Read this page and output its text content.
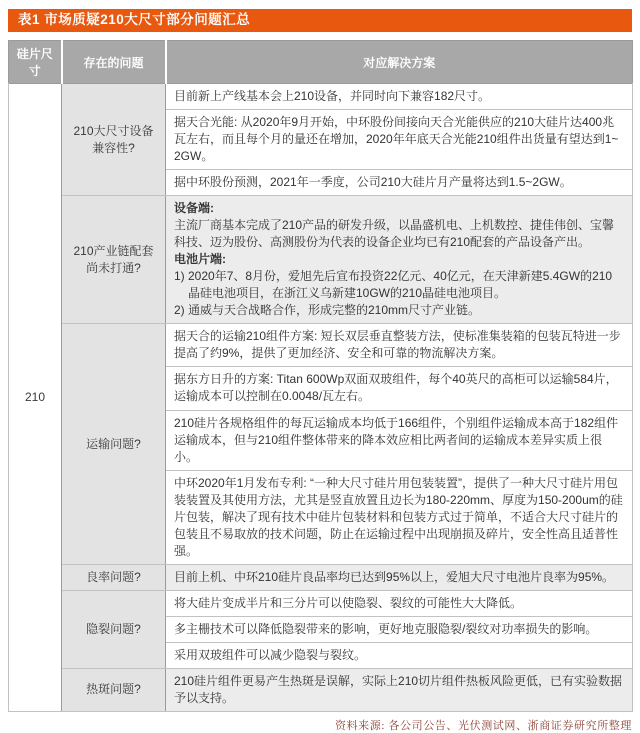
表1 市场质疑210大尺寸部分问题汇总
硅片尺寸	存在的问题	对应解决方案
210	210大尺寸设备兼容性?	目前新上产线基本会上210设备，并同时向下兼容182尺寸。
		据天合光能: 从2020年9月开始，中环股份间接向天合光能供应的210大硅片达400兆瓦左右，而且每个月的量还在增加，2020年年底天合光能210组件出货量有望达到1~2GW。
		据中环股份预测，2021年一季度，公司210大硅片月产量将达到1.5~2GW。
	210产业链配套尚未打通?	设备端:
主流厂商基本完成了210产品的研发升级，以晶盛机电、上机数控、捷佳伟创、宝馨科技、迈为股份、高测股份为代表的设备企业均已有210配套的产品设备产出。
电池片端:
1) 2020年7、8月份，爱旭先后宣布投资22亿元、40亿元，在天津新建5.4GW的210晶硅电池项目，在浙江义乌新建10GW的210晶硅电池项目。
2) 通威与天合战略合作，形成完整的210mm尺寸产业链。

	运输问题?	据天合的运输210组件方案: 短长双层垂直整装方法，使标准集装箱的包装瓦特进一步提高了约9%，提供了更加经济、安全和可靠的物流解决方案。
		据东方日升的方案: Titan 600Wp双面双玻组件，每个40英尺的高柜可以运输584片，运输成本可以控制在0.0048/瓦左右。
		210硅片各规格组件的每瓦运输成本均低于166组件，个别组件运输成本高于182组件运输成本，但与210组件整体带来的降本效应相比两者间的运输成本差异实质上很小。
		中环2020年1月发布专利: “一种大尺寸硅片用包装装置”，提供了一种大尺寸硅片用包装装置及其使用方法，尤其是竖直放置且边长为180-220mm、厚度为150-200um的硅片包装，解决了现有技术中硅片包装材料和包装方式过于简单，不适合大尺寸硅片的包装且不易取放的技术问题，防止在运输过程中出现崩损及碎片，安全性高且适普性强。
	良率问题?	目前上机、中环210硅片良品率均已达到95%以上，爱旭大尺寸电池片良率为95%。
	隐裂问题?	将大硅片变成半片和三分片可以使隐裂、裂纹的可能性大大降低。
		多主栅技术可以降低隐裂带来的影响，更好地克服隐裂/裂纹对功率损失的影响。
		采用双玻组件可以减少隐裂与裂纹。
	热斑问题?	210硅片组件更易产生热斑是误解，实际上210切片组件热板风险更低，已有实验数据予以支持。
资料来源: 各公司公告、光伏测试网、浙商证券研究所整理
